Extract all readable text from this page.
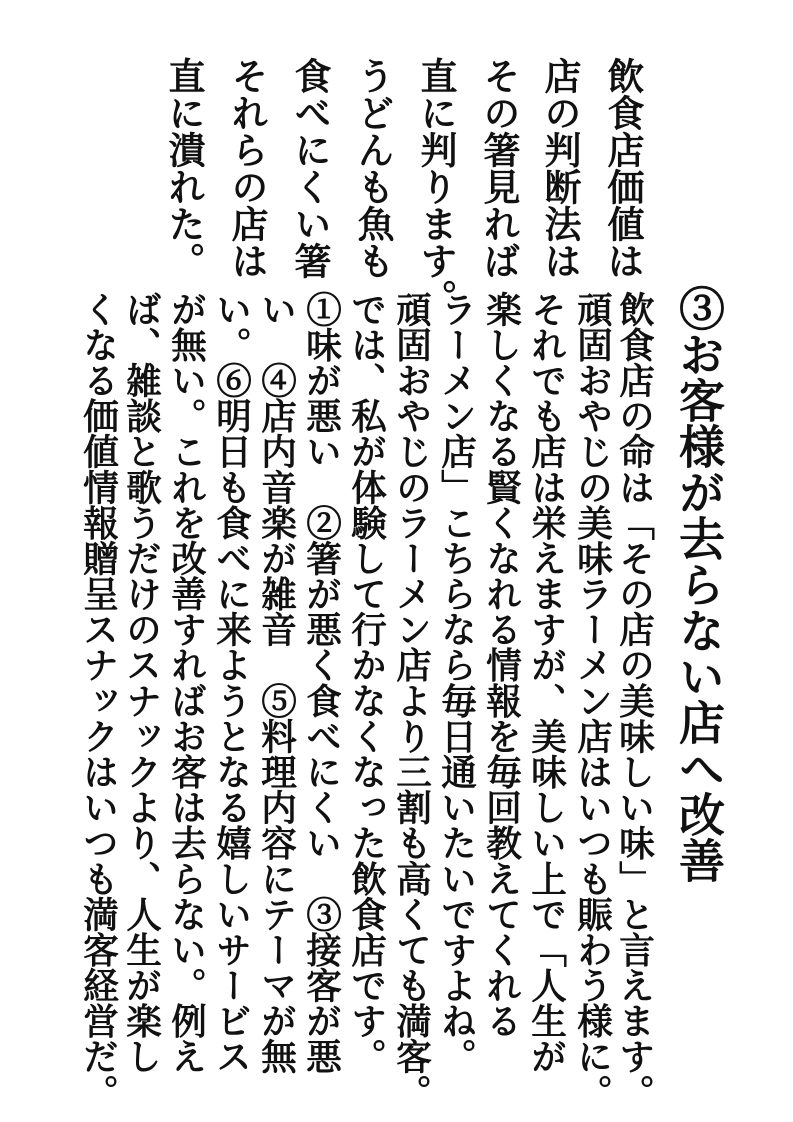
飲食店価値は
店の判断法は
その箸見れば
直に判ります。
うどんも魚も
食べにくい箸
それらの店は
直に潰れた。
③お客様が去らない店へ改善
飲食店の命は「その店の美味しい味」と言えます。
頑固おやじの美味ラーメン店はいつも賑わう様に。
それでも店は栄えますが、美味しい上で「人生が
楽しくなる賢くなれる情報を毎回教えてくれる
ラーメン店」こちらなら毎日通いたいですよね。
頑固おやじのラーメン店より三割も高くても満客。
では、私が体験して行かなくなった飲食店です。
①味が悪い　②箸が悪く食べにくい　③接客が悪
い　④店内音楽が雑音　⑤料理内容にテーマが無
い。⑥明日も食べに来ようとなる嬉しいサービス
が無い。これを改善すればお客は去らない。例え
ば、雑談と歌うだけのスナックより、人生が楽し
くなる価値情報贈呈スナックはいつも満客経営だ。
